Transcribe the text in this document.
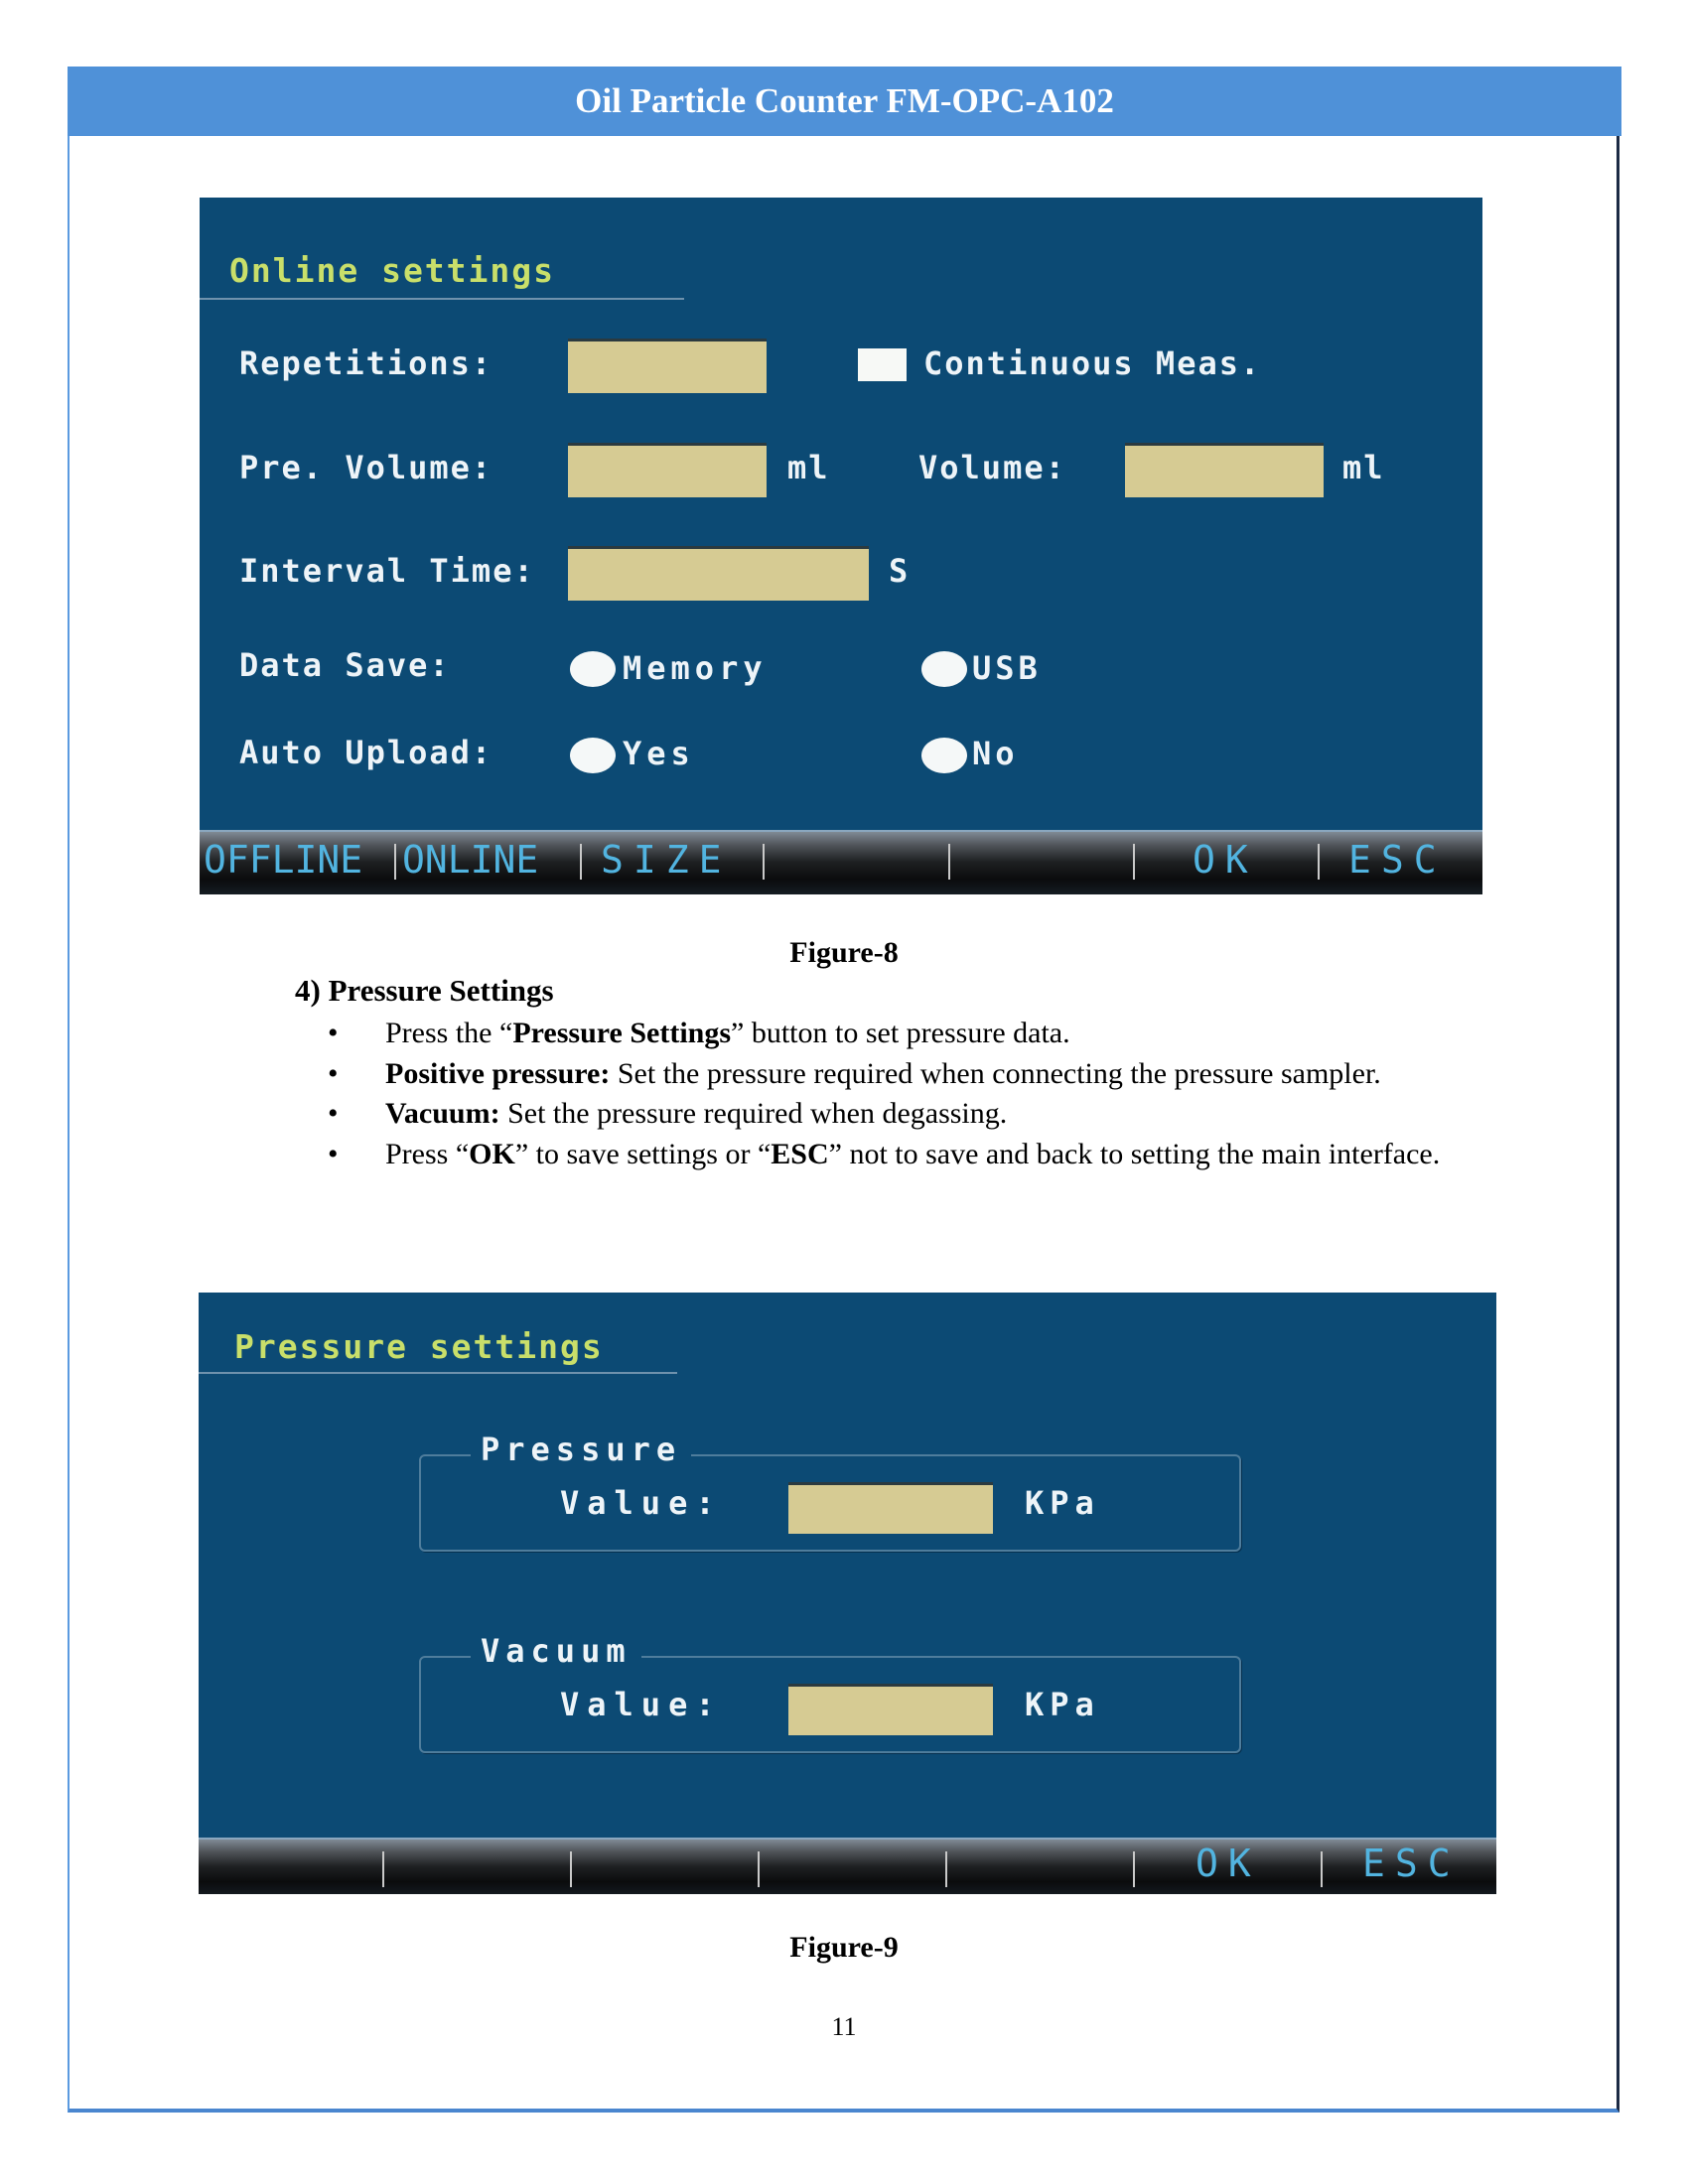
Oil Particle Counter FM-OPC-A102
Online settings
Repetitions:	Continuous Meas.
Pre. Volume:	ml	Volume:	ml
Interval Time:	S
Data Save:	Memory	USB
Auto Upload:	Yes	No
OFFLINE ONLINE SIZE	OK ESC
Figure-8
4) Pressure Settings
• Press the “Pressure Settings” button to set pressure data.
• Positive pressure: Set the pressure required when connecting the pressure sampler.
• Vacuum: Set the pressure required when degassing.
• Press “OK” to save settings or “ESC” not to save and back to setting the main interface.
Pressure settings
Pressure
Value:	KPa
Vacuum
Value:	KPa
OK	ESC
Figure-9
11
